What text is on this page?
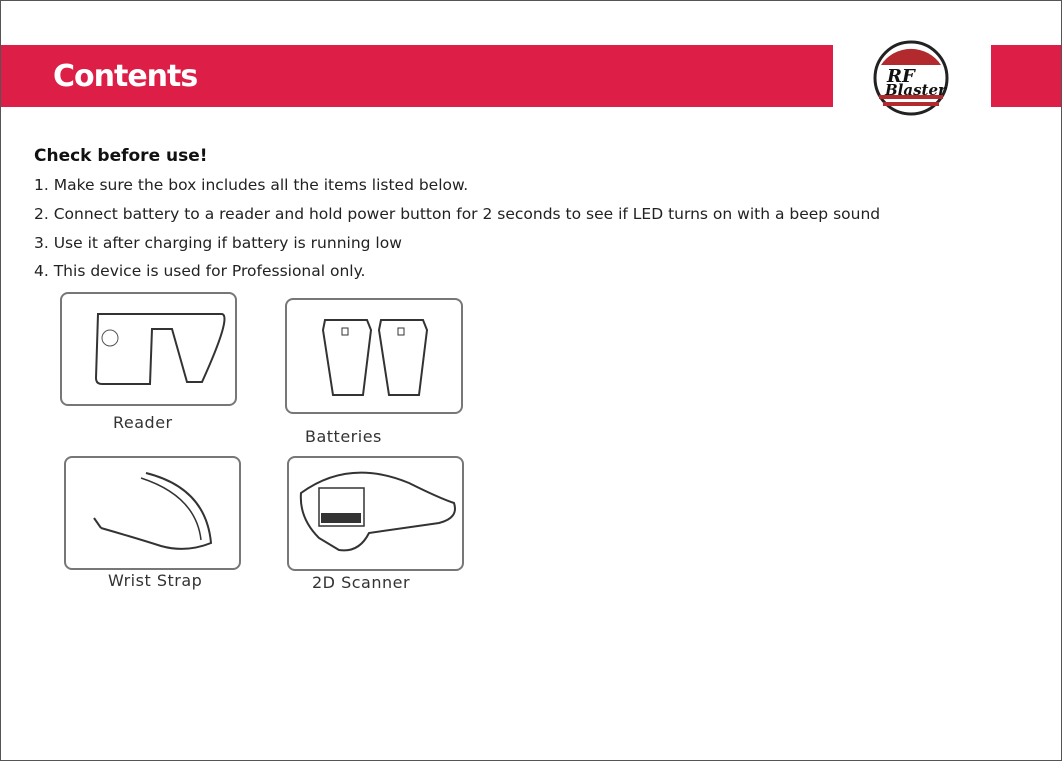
Contents	RF
Blaster
Check before use!
1. Make sure the box includes all the items listed below.
2. Connect battery to a reader and hold power button for 2 seconds to see if LED turns on with a beep sound
3. Use it after charging if battery is running low
4. This device is used for Professional only.
Reader
Batteries
Wrist Strap	2D Scanner
